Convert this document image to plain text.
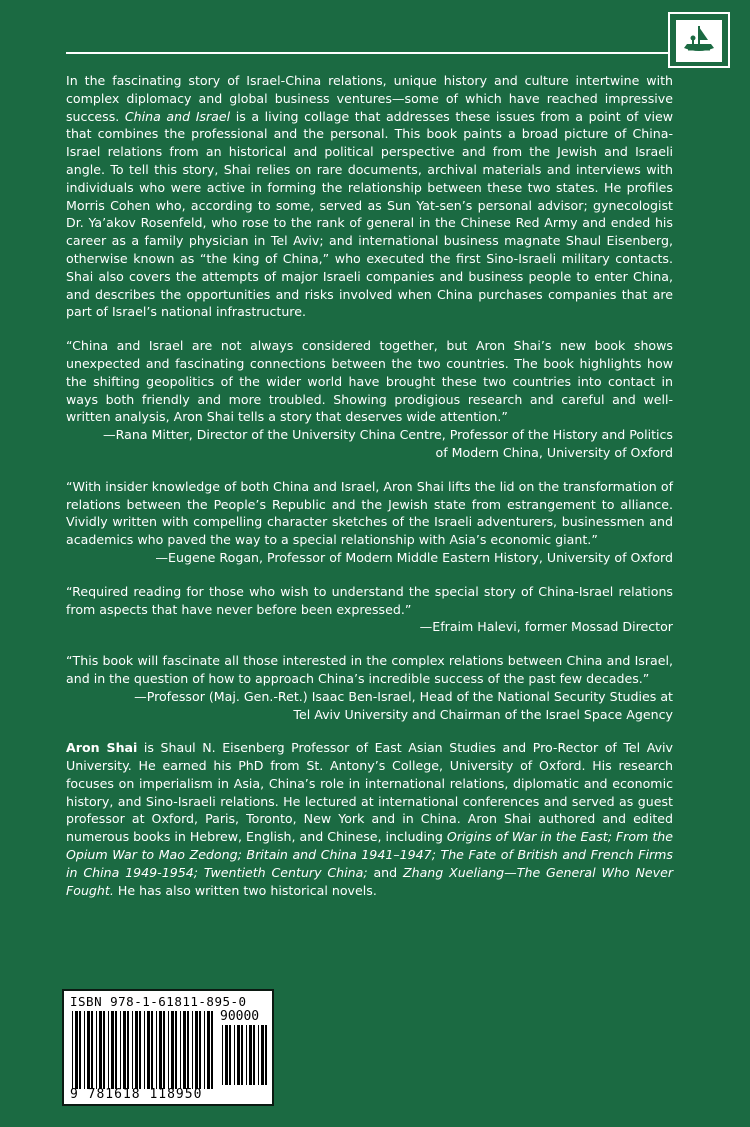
In the fascinating story of Israel-China relations, unique history and culture intertwine with complex diplomacy and global business ventures—some of which have reached impressive success. China and Israel is a living collage that addresses these issues from a point of view that combines the professional and the personal. This book paints a broad picture of China-Israel relations from an historical and political perspective and from the Jewish and Israeli angle. To tell this story, Shai relies on rare documents, archival materials and interviews with individuals who were active in forming the relationship between these two states. He profiles Morris Cohen who, according to some, served as Sun Yat-sen’s personal advisor; gynecologist Dr. Ya’akov Rosenfeld, who rose to the rank of general in the Chinese Red Army and ended his career as a family physician in Tel Aviv; and international business magnate Shaul Eisenberg, otherwise known as “the king of China,” who executed the first Sino-Israeli military contacts. Shai also covers the attempts of major Israeli companies and business people to enter China, and describes the opportunities and risks involved when China purchases companies that are part of Israel’s national infrastructure.

“China and Israel are not always considered together, but Aron Shai’s new book shows unexpected and fascinating connections between the two countries. The book highlights how the shifting geopolitics of the wider world have brought these two countries into contact in ways both friendly and more troubled. Showing prodigious research and careful and well-written analysis, Aron Shai tells a story that deserves wide attention.”

—Rana Mitter, Director of the University China Centre, Professor of the History and Politics
of Modern China, University of Oxford

“With insider knowledge of both China and Israel, Aron Shai lifts the lid on the transformation of relations between the People’s Republic and the Jewish state from estrangement to alliance. Vividly written with compelling character sketches of the Israeli adventurers, businessmen and academics who paved the way to a special relationship with Asia’s economic giant.”

—Eugene Rogan, Professor of Modern Middle Eastern History, University of Oxford

“Required reading for those who wish to understand the special story of China-Israel relations from aspects that have never before been expressed.”

—Efraim Halevi, former Mossad Director

“This book will fascinate all those interested in the complex relations between China and Israel, and in the question of how to approach China’s incredible success of the past few decades.”

—Professor (Maj. Gen.-Ret.) Isaac Ben-Israel, Head of the National Security Studies at
Tel Aviv University and Chairman of the Israel Space Agency

Aron Shai is Shaul N. Eisenberg Professor of East Asian Studies and Pro-Rector of Tel Aviv University. He earned his PhD from St. Antony’s College, University of Oxford. His research focuses on imperialism in Asia, China’s role in international relations, diplomatic and economic history, and Sino-Israeli relations. He lectured at international conferences and served as guest professor at Oxford, Paris, Toronto, New York and in China. Aron Shai authored and edited numerous books in Hebrew, English, and Chinese, including Origins of War in the East; From the Opium War to Mao Zedong; Britain and China 1941–1947; The Fate of British and French Firms in China 1949-1954; Twentieth Century China; and Zhang Xueliang—The General Who Never Fought. He has also written two historical novels.

ISBN 978-1-61811-895-0
90000
9 781618 118950
